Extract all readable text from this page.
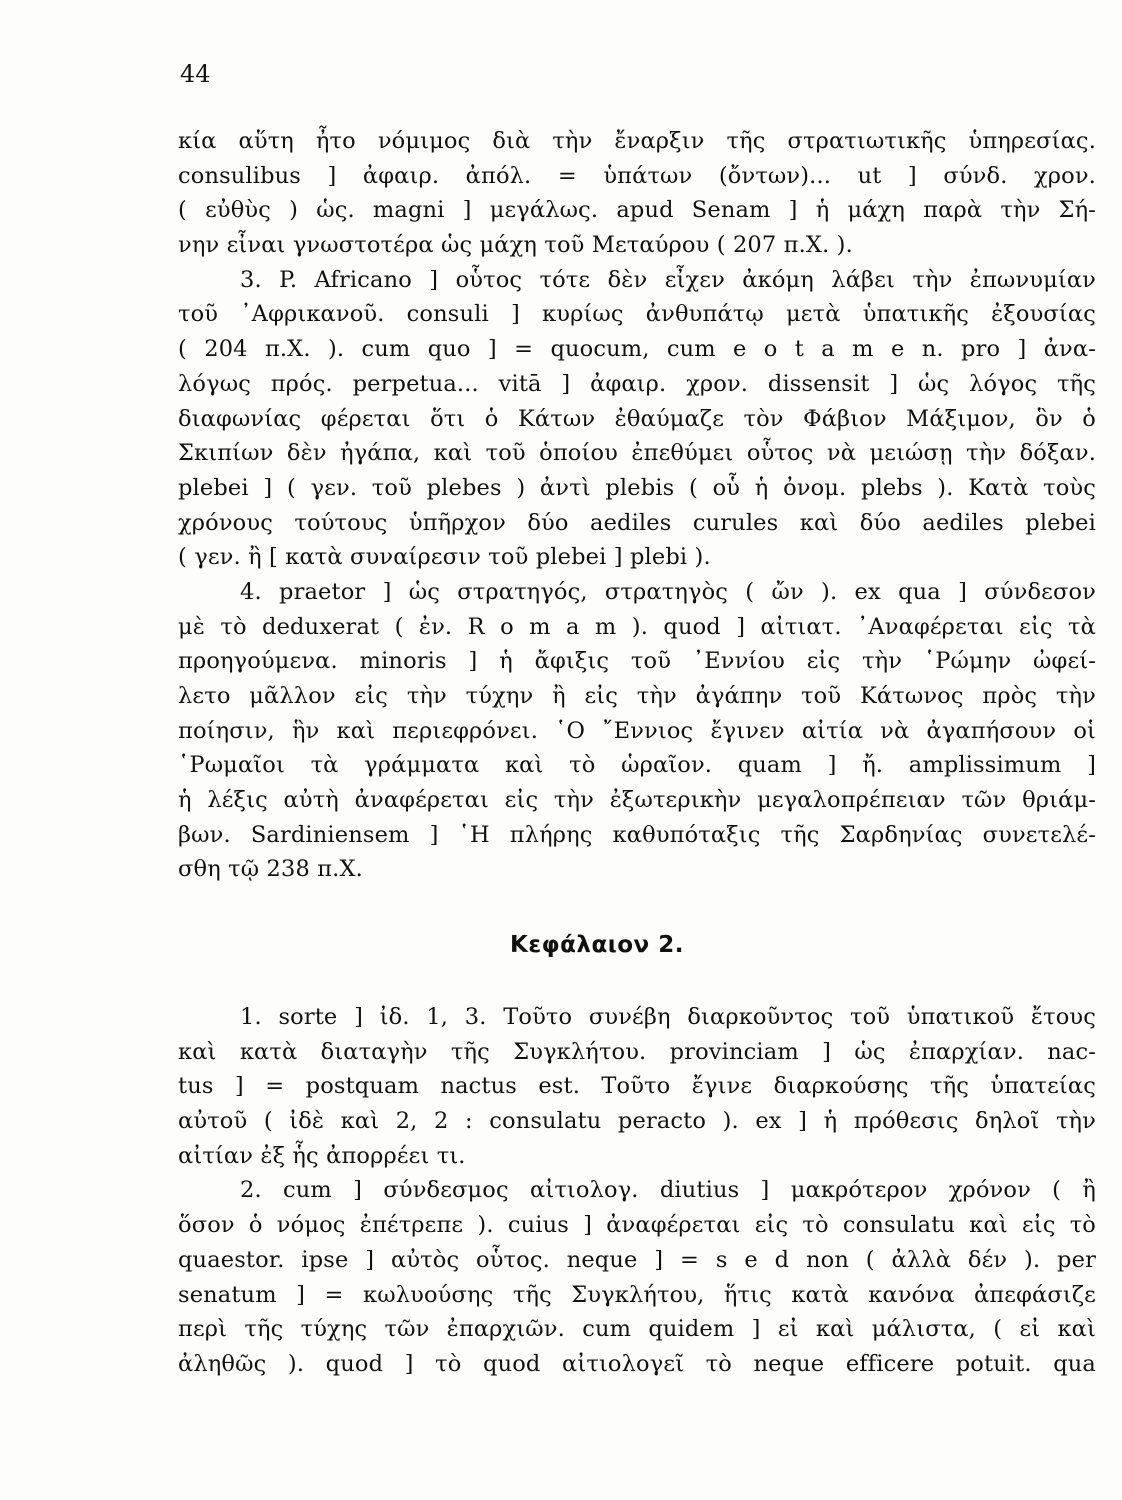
44
κία αὕτη ἦτο νόμιμος διὰ τὴν ἔναρξιν τῆς στρατιωτικῆς ὑπηρεσίας.
consulibus ] ἀφαιρ. ἀπόλ. = ὑπάτων (ὄντων)... ut ] σύνδ. χρον.
( εὐθὺς ) ὡς. magni ] μεγάλως. apud Senam ] ἡ μάχη παρὰ τὴν Σή-
νην εἶναι γνωστοτέρα ὡς μάχη τοῦ Μεταύρου ( 207 π.Χ. ).
3. P. Africano ] οὗτος τότε δὲν εἶχεν ἀκόμη λάβει τὴν ἐπωνυμίαν
τοῦ ᾿Αφρικανοῦ. consuli ] κυρίως ἀνθυπάτῳ μετὰ ὑπατικῆς ἐξουσίας
( 204 π.Χ. ). cum quo ] = quocum, cum e o t a m e n. pro ] ἀνα-
λόγως πρός. perpetua... vitā ] ἀφαιρ. χρον. dissensit ] ὡς λόγος τῆς
διαφωνίας φέρεται ὅτι ὁ Κάτων ἐθαύμαζε τὸν Φάβιον Μάξιμον, ὃν ὁ
Σκιπίων δὲν ἠγάπα, καὶ τοῦ ὁποίου ἐπεθύμει οὗτος νὰ μειώσῃ τὴν δόξαν.
plebei ] ( γεν. τοῦ plebes ) ἀντὶ plebis ( οὗ ἡ ὀνομ. plebs ). Κατὰ τοὺς
χρόνους τούτους ὑπῆρχον δύο aediles curules καὶ δύο aediles plebei
( γεν. ἢ [ κατὰ συναίρεσιν τοῦ plebei ] plebi ).
4. praetor ] ὡς στρατηγός, στρατηγὸς ( ὤν ). ex qua ] σύνδεσον
μὲ τὸ deduxerat ( ἐν. R o m a m ). quod ] αἰτιατ. ᾿Αναφέρεται εἰς τὰ
προηγούμενα. minoris ] ἡ ἄφιξις τοῦ ᾿Εννίου εἰς τὴν ῾Ρώμην ὠφεί-
λετο μᾶλλον εἰς τὴν τύχην ἢ εἰς τὴν ἀγάπην τοῦ Κάτωνος πρὸς τὴν
ποίησιν, ἣν καὶ περιεφρόνει. ῾Ο ῎Εννιος ἔγινεν αἰτία νὰ ἀγαπήσουν οἱ
῾Ρωμαῖοι τὰ γράμματα καὶ τὸ ὡραῖον. quam ] ἤ. amplissimum ]
ἡ λέξις αὐτὴ ἀναφέρεται εἰς τὴν ἐξωτερικὴν μεγαλοπρέπειαν τῶν θριάμ-
βων. Sardiniensem ] ῾Η πλήρης καθυπόταξις τῆς Σαρδηνίας συνετελέ-
σθη τῷ 238 π.Χ.
Κεφάλαιον 2.
1. sorte ] ἰδ. 1, 3. Τοῦτο συνέβη διαρκοῦντος τοῦ ὑπατικοῦ ἔτους
καὶ κατὰ διαταγὴν τῆς Συγκλήτου. provinciam ] ὡς ἐπαρχίαν. nac-
tus ] = postquam nactus est. Τοῦτο ἔγινε διαρκούσης τῆς ὑπατείας
αὐτοῦ ( ἰδὲ καὶ 2, 2 : consulatu peracto ). ex ] ἡ πρόθεσις δηλοῖ τὴν
αἰτίαν ἐξ ἧς ἀπορρέει τι.
2. cum ] σύνδεσμος αἰτιολογ. diutius ] μακρότερον χρόνον ( ἢ
ὅσον ὁ νόμος ἐπέτρεπε ). cuius ] ἀναφέρεται εἰς τὸ consulatu καὶ εἰς τὸ
quaestor. ipse ] αὐτὸς οὗτος. neque ] = s e d non ( ἀλλὰ δέν ). per
senatum ] = κωλυούσης τῆς Συγκλήτου, ἥτις κατὰ κανόνα ἀπεφάσιζε
περὶ τῆς τύχης τῶν ἐπαρχιῶν. cum quidem ] εἰ καὶ μάλιστα, ( εἰ καὶ
ἀληθῶς ). quod ] τὸ quod αἰτιολογεῖ τὸ neque efficere potuit. qua
